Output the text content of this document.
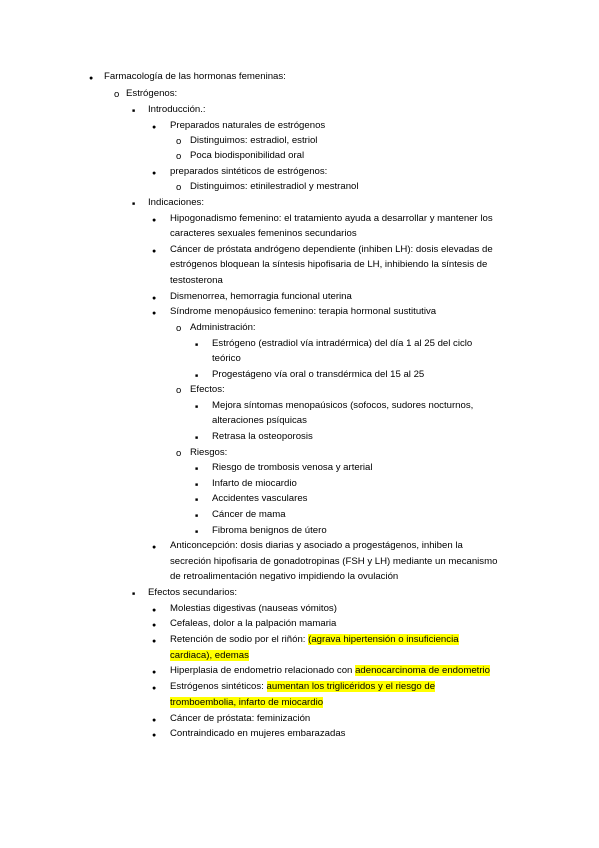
●
Farmacología de las hormonas femeninas:
o
Estrógenos:
■
Introducción.:
●
Preparados naturales de estrógenos
o
Distinguimos: estradiol, estriol
o
Poca biodisponibilidad oral
●
preparados sintéticos de estrógenos:
o
Distinguimos: etinilestradiol y mestranol
■
Indicaciones:
●
Hipogonadismo femenino: el tratamiento ayuda a desarrollar y mantener los
caracteres sexuales femeninos secundarios
●
Cáncer de próstata andrógeno dependiente (inhiben LH): dosis elevadas de
estrógenos bloquean la síntesis hipofisaria de LH, inhibiendo la síntesis de
testosterona
●
Dismenorrea, hemorragia funcional uterina
●
Síndrome menopáusico femenino: terapia hormonal sustitutiva
o
Administración:
■
Estrógeno (estradiol vía intradérmica) del día 1 al 25 del ciclo
teórico
■
Progestágeno vía oral o transdérmica del 15 al 25
o
Efectos:
■
Mejora síntomas menopaúsicos (sofocos, sudores nocturnos,
alteraciones psíquicas
■
Retrasa la osteoporosis
o
Riesgos:
■
Riesgo de trombosis venosa y arterial
■
Infarto de miocardio
■
Accidentes vasculares
■
Cáncer de mama
■
Fibroma benignos de útero
●
Anticoncepción: dosis diarias y asociado a progestágenos, inhiben la
secreción hipofisaria de gonadotropinas (FSH y LH) mediante un mecanismo
de retroalimentación negativo impidiendo la ovulación
■
Efectos secundarios:
●
Molestias digestivas (nauseas vómitos)
●
Cefaleas, dolor a la palpación mamaria
●
Retención de sodio por el riñón: (agrava hipertensión o insuficiencia
cardiaca), edemas
●
Hiperplasia de endometrio relacionado con adenocarcinoma de endometrio
●
Estrógenos sintéticos: aumentan los triglicéridos y el riesgo de
tromboembolia, infarto de miocardio
●
Cáncer de próstata: feminización
●
Contraindicado en mujeres embarazadas
